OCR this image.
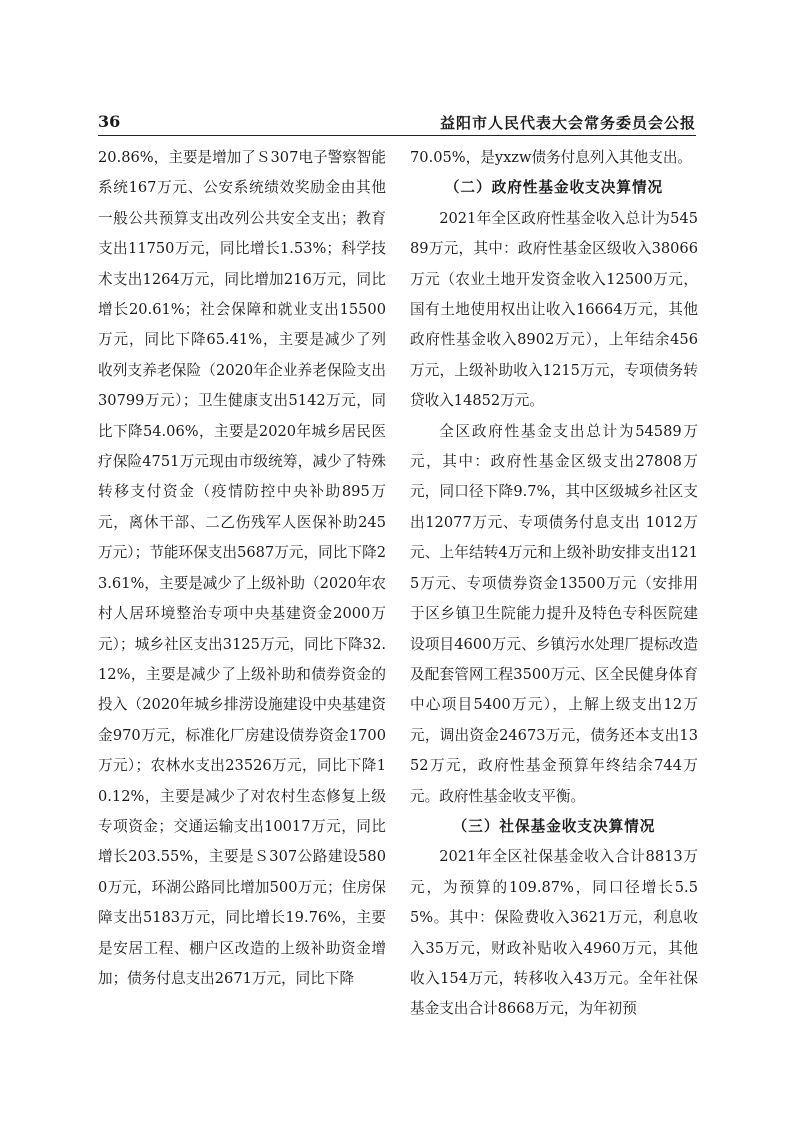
36	益阳市人民代表大会常务委员会公报

20.86%，主要是增加了Ｓ307电子警察智能系统167万元、公安系统绩效奖励金由其他一般公共预算支出改列公共安全支出；教育支出11750万元，同比增长1.53%；科学技术支出1264万元，同比增加216万元，同比增长20.61%；社会保障和就业支出15500万元，同比下降65.41%，主要是减少了列收列支养老保险（2020年企业养老保险支出30799万元）；卫生健康支出5142万元，同比下降54.06%，主要是2020年城乡居民医疗保险4751万元现由市级统筹，减少了特殊转移支付资金（疫情防控中央补助895万元，离休干部、二乙伤残军人医保补助245万元）；节能环保支出5687万元，同比下降23.61%，主要是减少了上级补助（2020年农村人居环境整治专项中央基建资金2000万元）；城乡社区支出3125万元，同比下降32.12%，主要是减少了上级补助和债券资金的投入（2020年城乡排涝设施建设中央基建资金970万元，标准化厂房建设债券资金1700万元）；农林水支出23526万元，同比下降10.12%，主要是减少了对农村生态修复上级专项资金；交通运输支出10017万元，同比增长203.55%，主要是Ｓ307公路建设5800万元，环湖公路同比增加500万元；住房保障支出5183万元，同比增长19.76%，主要是安居工程、棚户区改造的上级补助资金增加；债务付息支出2671万元，同比下降

70.05%，是yxzw债务付息列入其他支出。

（二）政府性基金收支决算情况

2021年全区政府性基金收入总计为54589万元，其中：政府性基金区级收入38066万元（农业土地开发资金收入12500万元，国有土地使用权出让收入16664万元，其他政府性基金收入8902万元），上年结余456万元，上级补助收入1215万元，专项债务转贷收入14852万元。

全区政府性基金支出总计为54589万元，其中：政府性基金区级支出27808万元，同口径下降9.7%，其中区级城乡社区支出12077万元、专项债务付息支出 1012万元、上年结转4万元和上级补助安排支出1215万元、专项债券资金13500万元（安排用于区乡镇卫生院能力提升及特色专科医院建设项目4600万元、乡镇污水处理厂提标改造及配套管网工程3500万元、区全民健身体育中心项目5400万元），上解上级支出12万元，调出资金24673万元，债务还本支出1352万元，政府性基金预算年终结余744万元。政府性基金收支平衡。

（三）社保基金收支决算情况

2021年全区社保基金收入合计8813万元，为预算的109.87%，同口径增长5.55%。其中：保险费收入3621万元，利息收入35万元，财政补贴收入4960万元，其他收入154万元，转移收入43万元。全年社保基金支出合计8668万元，为年初预
